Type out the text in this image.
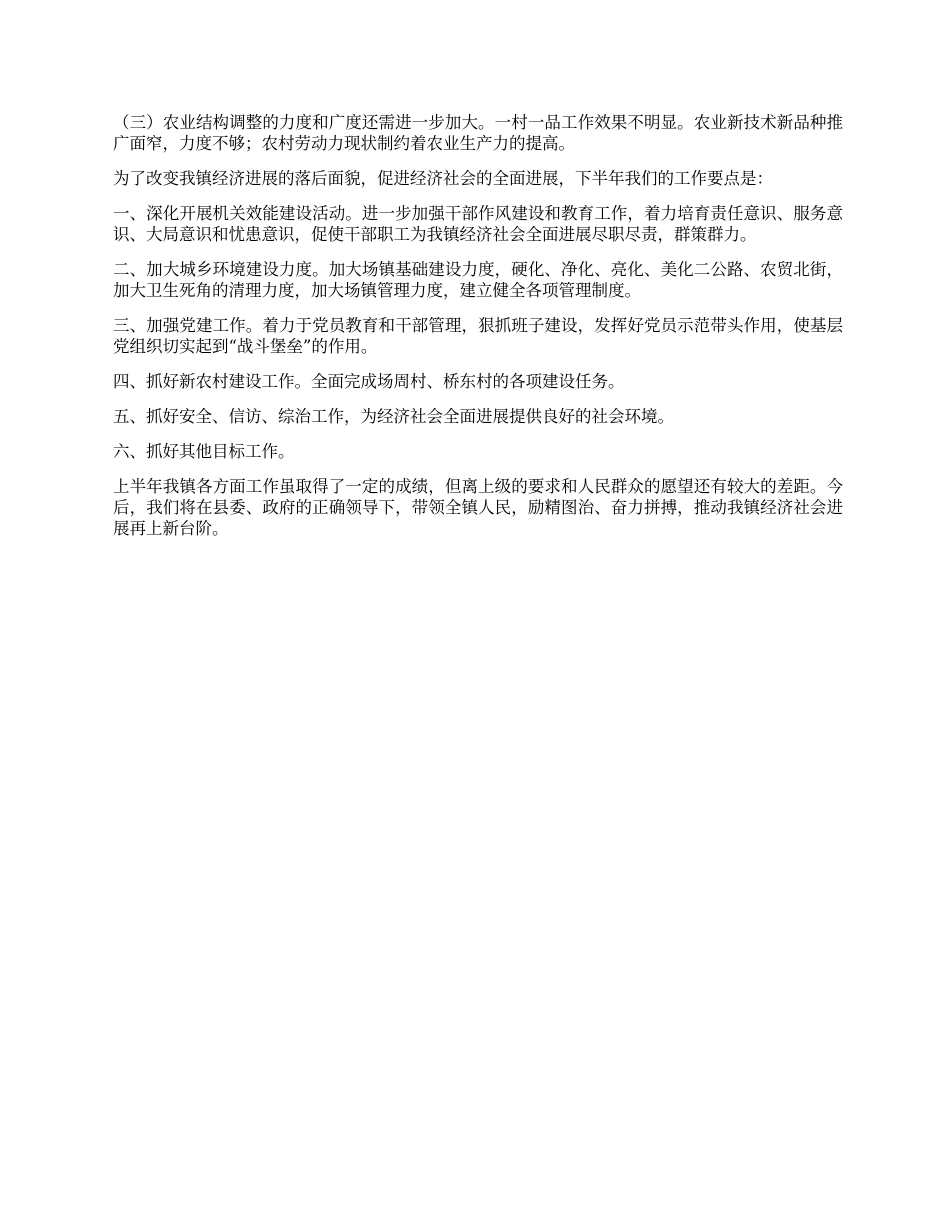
（三）农业结构调整的力度和广度还需进一步加大。一村一品工作效果不明显。农业新技术新品种推广面窄，力度不够；农村劳动力现状制约着农业生产力的提高。

为了改变我镇经济进展的落后面貌，促进经济社会的全面进展，下半年我们的工作要点是：

一、深化开展机关效能建设活动。进一步加强干部作风建设和教育工作，着力培育责任意识、服务意识、大局意识和忧患意识，促使干部职工为我镇经济社会全面进展尽职尽责，群策群力。

二、加大城乡环境建设力度。加大场镇基础建设力度，硬化、净化、亮化、美化二公路、农贸北街，加大卫生死角的清理力度，加大场镇管理力度，建立健全各项管理制度。

三、加强党建工作。着力于党员教育和干部管理，狠抓班子建设，发挥好党员示范带头作用，使基层党组织切实起到“战斗堡垒”的作用。

四、抓好新农村建设工作。全面完成场周村、桥东村的各项建设任务。

五、抓好安全、信访、综治工作，为经济社会全面进展提供良好的社会环境。

六、抓好其他目标工作。

上半年我镇各方面工作虽取得了一定的成绩，但离上级的要求和人民群众的愿望还有较大的差距。今后，我们将在县委、政府的正确领导下，带领全镇人民，励精图治、奋力拼搏，推动我镇经济社会进展再上新台阶。
